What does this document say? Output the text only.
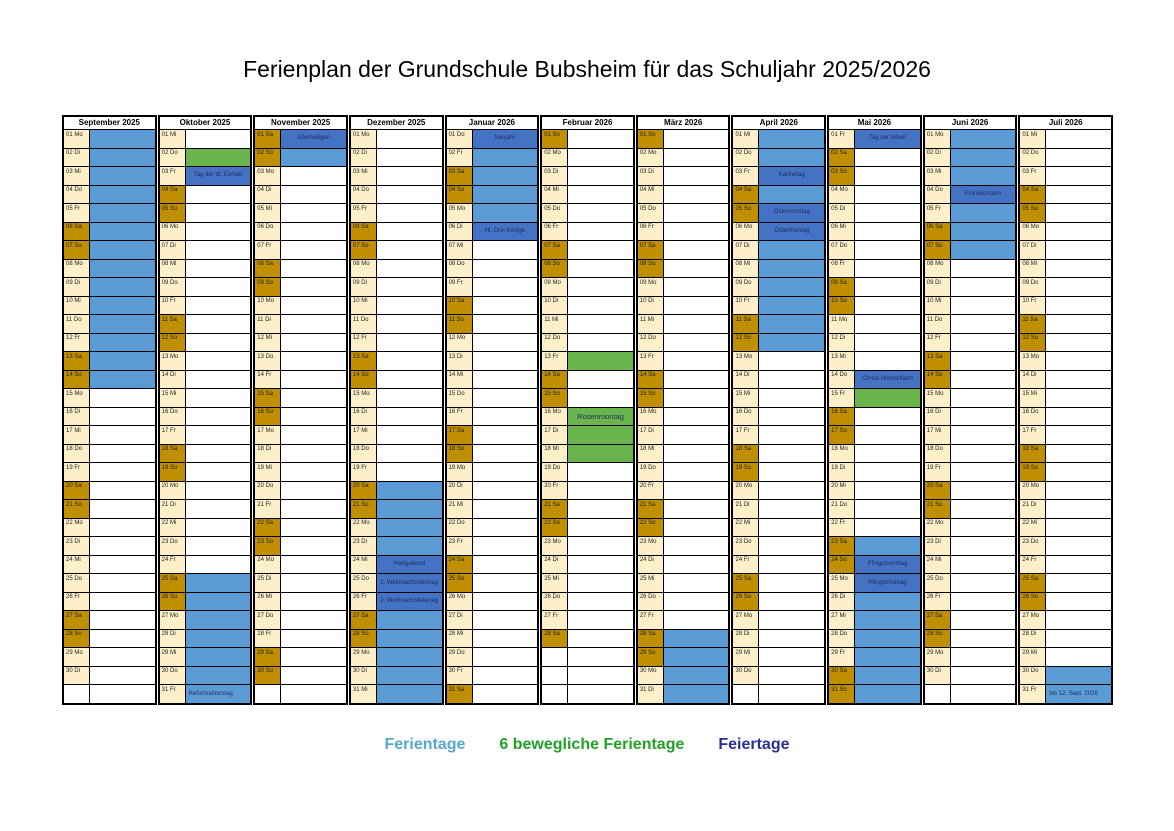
Ferienplan der Grundschule Bubsheim für das Schuljahr 2025/2026
September 2025
01 Mo
02 Di
03 Mi
04 Do
05 Fr
06 Sa
07 So
08 Mo
09 Di
10 Mi
11 Do
12 Fr
13 Sa
14 So
15 Mo
16 Di
17 Mi
18 Do
19 Fr
20 Sa
21 So
22 Mo
23 Di
24 Mi
25 Do
26 Fr
27 Sa
28 So
29 Mo
30 Di
Oktober 2025
01 Mi
02 Do
03 Fr
Tag der dt. Einheit
04 Sa
05 So
06 Mo
07 Di
08 Mi
09 Do
10 Fr
11 Sa
12 So
13 Mo
14 Di
15 Mi
16 Do
17 Fr
18 Sa
19 So
20 Mo
21 Di
22 Mi
23 Do
24 Fr
25 Sa
26 So
27 Mo
28 Di
29 Mi
30 Do
31 Fr
Reformationstag
November 2025
01 Sa
Allerheiligen
02 So
03 Mo
04 Di
05 Mi
06 Do
07 Fr
08 Sa
09 So
10 Mo
11 Di
12 Mi
13 Do
14 Fr
15 Sa
16 So
17 Mo
18 Di
19 Mi
20 Do
21 Fr
22 Sa
23 So
24 Mo
25 Di
26 Mi
27 Do
28 Fr
29 Sa
30 So
Dezember 2025
01 Mo
02 Di
03 Mi
04 Do
05 Fr
06 Sa
07 So
08 Mo
09 Di
10 Mi
11 Do
12 Fr
13 Sa
14 So
15 Mo
16 Di
17 Mi
18 Do
19 Fr
20 Sa
21 So
22 Mo
23 Di
24 Mi
Heiligabend
25 Do
1. Weihnachtsfeiertag
26 Fr
2. Weihnachtsfeiertag
27 Sa
28 So
29 Mo
30 Di
31 Mi
Januar 2026
01 Do
Neujahr
02 Fr
03 Sa
04 So
05 Mo
06 Di
Hl. Drei Könige
07 Mi
08 Do
09 Fr
10 Sa
11 So
12 Mo
13 Di
14 Mi
15 Do
16 Fr
17 Sa
18 So
19 Mo
20 Di
21 Mi
22 Do
23 Fr
24 Sa
25 So
26 Mo
27 Di
28 Mi
29 Do
30 Fr
31 Sa
Februar 2026
01 So
02 Mo
03 Di
04 Mi
05 Do
06 Fr
07 Sa
08 So
09 Mo
10 Di
11 Mi
12 Do
13 Fr
14 Sa
15 So
16 Mo	Rosenmontag
17 Di
18 Mi
19 Do
20 Fr
21 Sa
22 So
23 Mo
24 Di
25 Mi
26 Do
27 Fr
28 Sa
März 2026
01 So
02 Mo
03 Di
04 Mi
05 Do
06 Fr
07 Sa
08 So
09 Mo
10 Di
11 Mi
12 Do
13 Fr
14 Sa
15 So
16 Mo
17 Di
18 Mi
19 Do
20 Fr
21 Sa
22 So
23 Mo
24 Di
25 Mi
26 Do
27 Fr
28 Sa
29 So
30 Mo
31 Di
April 2026
01 Mi
02 Do
03 Fr
Karfreitag
04 Sa
05 So
Ostersonntag
06 Mo
Ostermontag
07 Di
08 Mi
09 Do
10 Fr
11 Sa
12 So
13 Mo
14 Di
15 Mi
16 Do
17 Fr
18 Sa
19 So
20 Mo
21 Di
22 Mi
23 Do
24 Fr
25 Sa
26 So
27 Mo
28 Di
29 Mi
30 Do
Mai 2026
01 Fr
Tag der Arbeit
02 Sa
03 So
04 Mo
05 Di
06 Mi
07 Do
08 Fr
09 Sa
10 So
11 Mo
12 Di
13 Mi
14 Do
Christi Himmelfahrt
15 Fr
16 Sa
17 So
18 Mo
19 Di
20 Mi
21 Do
22 Fr
23 Sa
24 So
Pfingstsonntag
25 Mo
Pfingstmontag
26 Di
27 Mi
28 Do
29 Fr
30 Sa
31 So
Juni 2026
01 Mo
02 Di
03 Mi
04 Do
Fronleichnam
05 Fr
06 Sa
07 So
08 Mo
09 Di
10 Mi
11 Do
12 Fr
13 Sa
14 So
15 Mo
16 Di
17 Mi
18 Do
19 Fr
20 Sa
21 So
22 Mo
23 Di
24 Mi
25 Do
26 Fr
27 Sa
28 So
29 Mo
30 Di
Juli 2026
01 Mi
02 Do
03 Fr
04 Sa
05 So
06 Mo
07 Di
08 Mi
09 Do
10 Fr
11 Sa
12 So
13 Mo
14 Di
15 Mi
16 Do
17 Fr
18 Sa
19 So
20 Mo
21 Di
22 Mi
23 Do
24 Fr
25 Sa
26 So
27 Mo
28 Di
29 Mi
30 Do
31 Fr
bis 12. Sept. 2026
Ferientage 6 bewegliche Ferientage Feiertage
